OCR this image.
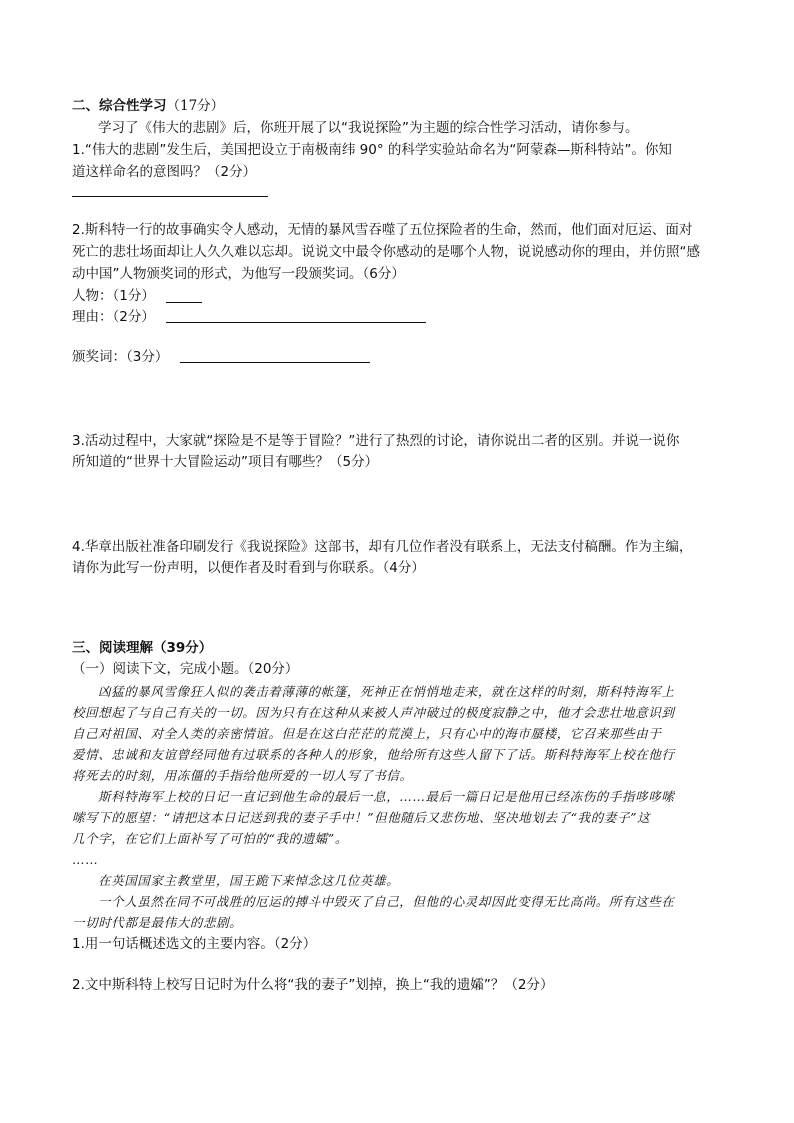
二、综合性学习（17分）
学习了《伟大的悲剧》后，你班开展了以“我说探险”为主题的综合性学习活动，请你参与。
1.“伟大的悲剧”发生后，美国把设立于南极南纬 90° 的科学实验站命名为“阿蒙森—斯科特站”。你知
道这样命名的意图吗？（2分）
2.斯科特一行的故事确实令人感动，无情的暴风雪吞噬了五位探险者的生命，然而，他们面对厄运、面对
死亡的悲壮场面却让人久久难以忘却。说说文中最令你感动的是哪个人物，说说感动你的理由，并仿照“感
动中国”人物颁奖词的形式，为他写一段颁奖词。（6分）
人物：（1分）
理由：（2分）
颁奖词：（3分）
3.活动过程中，大家就“探险是不是等于冒险？”进行了热烈的讨论，请你说出二者的区别。并说一说你
所知道的“世界十大冒险运动”项目有哪些？（5分）
4.华章出版社准备印刷发行《我说探险》这部书，却有几位作者没有联系上，无法支付稿酬。作为主编，
请你为此写一份声明，以便作者及时看到与你联系。（4分）
三、阅读理解（39分）
（一）阅读下文，完成小题。（20分）
凶猛的暴风雪像狂人似的袭击着薄薄的帐篷，死神正在悄悄地走来，就在这样的时刻，斯科特海军上
校回想起了与自己有关的一切。因为只有在这种从来被人声冲破过的极度寂静之中，他才会悲壮地意识到
自己对祖国、对全人类的亲密情谊。但是在这白茫茫的荒漠上，只有心中的海市蜃楼，它召来那些由于
爱情、忠诚和友谊曾经同他有过联系的各种人的形象，他给所有这些人留下了话。斯科特海军上校在他行
将死去的时刻，用冻僵的手指给他所爱的一切人写了书信。
斯科特海军上校的日记一直记到他生命的最后一息，……最后一篇日记是他用已经冻伤的手指哆哆嗦
嗦写下的愿望：“请把这本日记送到我的妻子手中！”但他随后又悲伤地、坚决地划去了“我的妻子”这
几个字，在它们上面补写了可怕的“我的遗孀”。
……
在英国国家主教堂里，国王跪下来悼念这几位英雄。
一个人虽然在同不可战胜的厄运的搏斗中毁灭了自己，但他的心灵却因此变得无比高尚。所有这些在
一切时代都是最伟大的悲剧。
1.用一句话概述选文的主要内容。（2分）
2.文中斯科特上校写日记时为什么将“我的妻子”划掉，换上“我的遗孀”？（2分）
